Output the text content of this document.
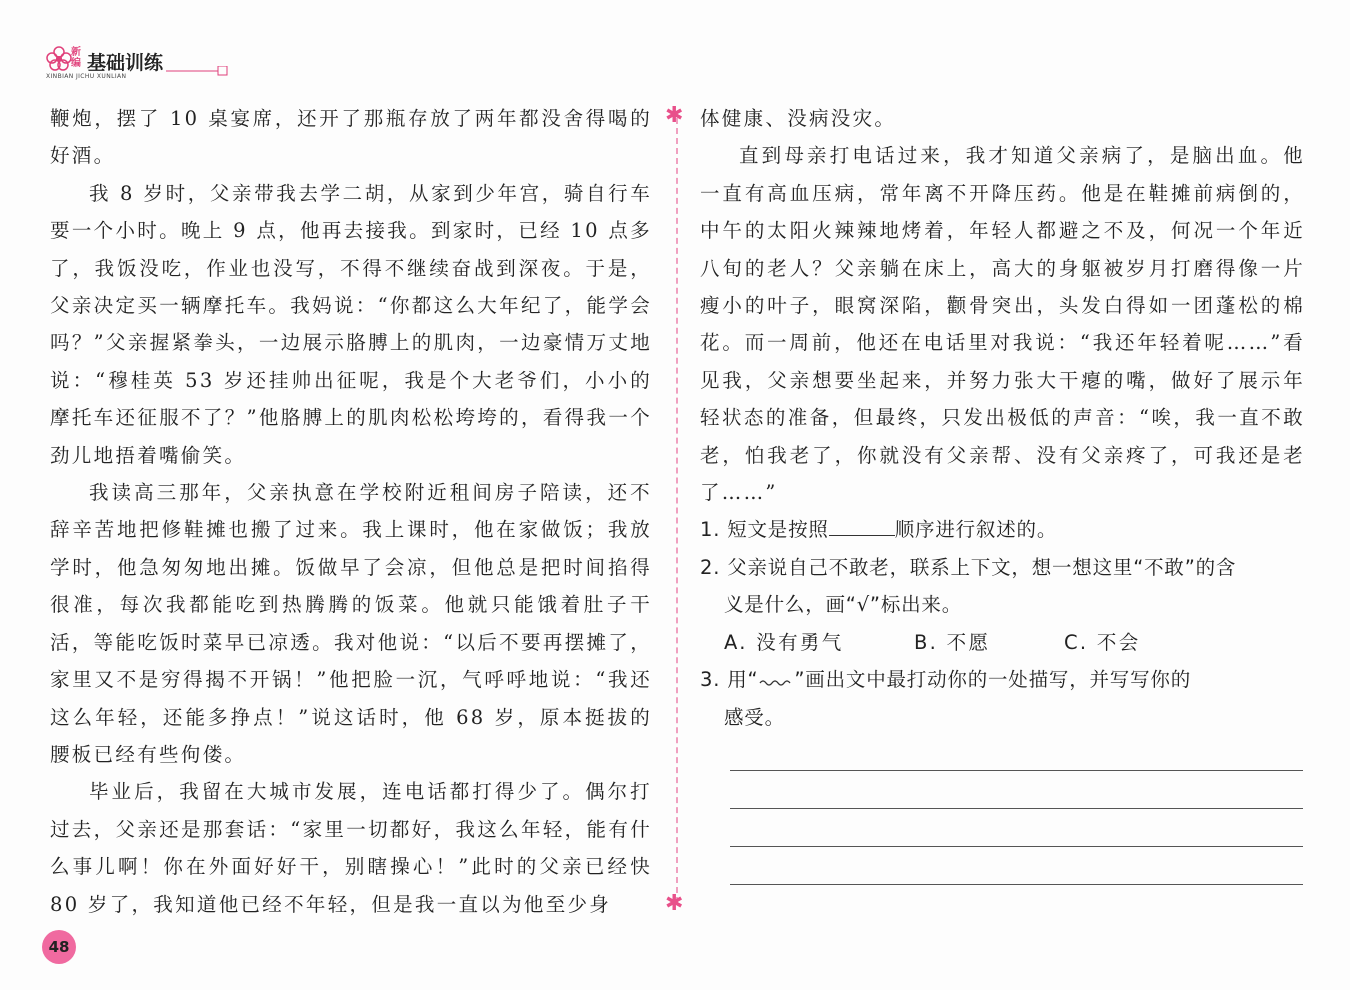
新编 基础训练
XINBIAN JICHU XUNLIAN

鞭炮，摆了 10 桌宴席，还开了那瓶存放了两年都没舍得喝的好酒。

我 8 岁时，父亲带我去学二胡，从家到少年宫，骑自行车要一个小时。晚上 9 点，他再去接我。到家时，已经 10 点多了，我饭没吃，作业也没写，不得不继续奋战到深夜。于是，父亲决定买一辆摩托车。我妈说：“你都这么大年纪了，能学会吗？”父亲握紧拳头，一边展示胳膊上的肌肉，一边豪情万丈地说：“穆桂英 53 岁还挂帅出征呢，我是个大老爷们，小小的摩托车还征服不了？”他胳膊上的肌肉松松垮垮的，看得我一个劲儿地捂着嘴偷笑。

我读高三那年，父亲执意在学校附近租间房子陪读，还不辞辛苦地把修鞋摊也搬了过来。我上课时，他在家做饭；我放学时，他急匆匆地出摊。饭做早了会凉，但他总是把时间掐得很准，每次我都能吃到热腾腾的饭菜。他就只能饿着肚子干活，等能吃饭时菜早已凉透。我对他说：“以后不要再摆摊了，家里又不是穷得揭不开锅！”他把脸一沉，气呼呼地说：“我还这么年轻，还能多挣点！”说这话时，他 68 岁，原本挺拔的腰板已经有些佝偻。

毕业后，我留在大城市发展，连电话都打得少了。偶尔打过去，父亲还是那套话：“家里一切都好，我这么年轻，能有什么事儿啊！你在外面好好干，别瞎操心！”此时的父亲已经快 80 岁了，我知道他已经不年轻，但是我一直以为他至少身

✱
✱

体健康、没病没灾。

直到母亲打电话过来，我才知道父亲病了，是脑出血。他一直有高血压病，常年离不开降压药。他是在鞋摊前病倒的，中午的太阳火辣辣地烤着，年轻人都避之不及，何况一个年近八旬的老人？父亲躺在床上，高大的身躯被岁月打磨得像一片瘦小的叶子，眼窝深陷，颧骨突出，头发白得如一团蓬松的棉花。而一周前，他还在电话里对我说：“我还年轻着呢……”看见我，父亲想要坐起来，并努力张大干瘪的嘴，做好了展示年轻状态的准备，但最终，只发出极低的声音：“唉，我一直不敢老，怕我老了，你就没有父亲帮、没有父亲疼了，可我还是老了……”

1. 短文是按照	顺序进行叙述的。

2. 父亲说自己不敢老，联系上下文，想一想这里“不敢”的含

义是什么，画“√”标出来。

A. 没有勇气	B. 不愿	C. 不会

3. 用“ ”画出文中最打动你的一处描写，并写写你的

感受。

48
